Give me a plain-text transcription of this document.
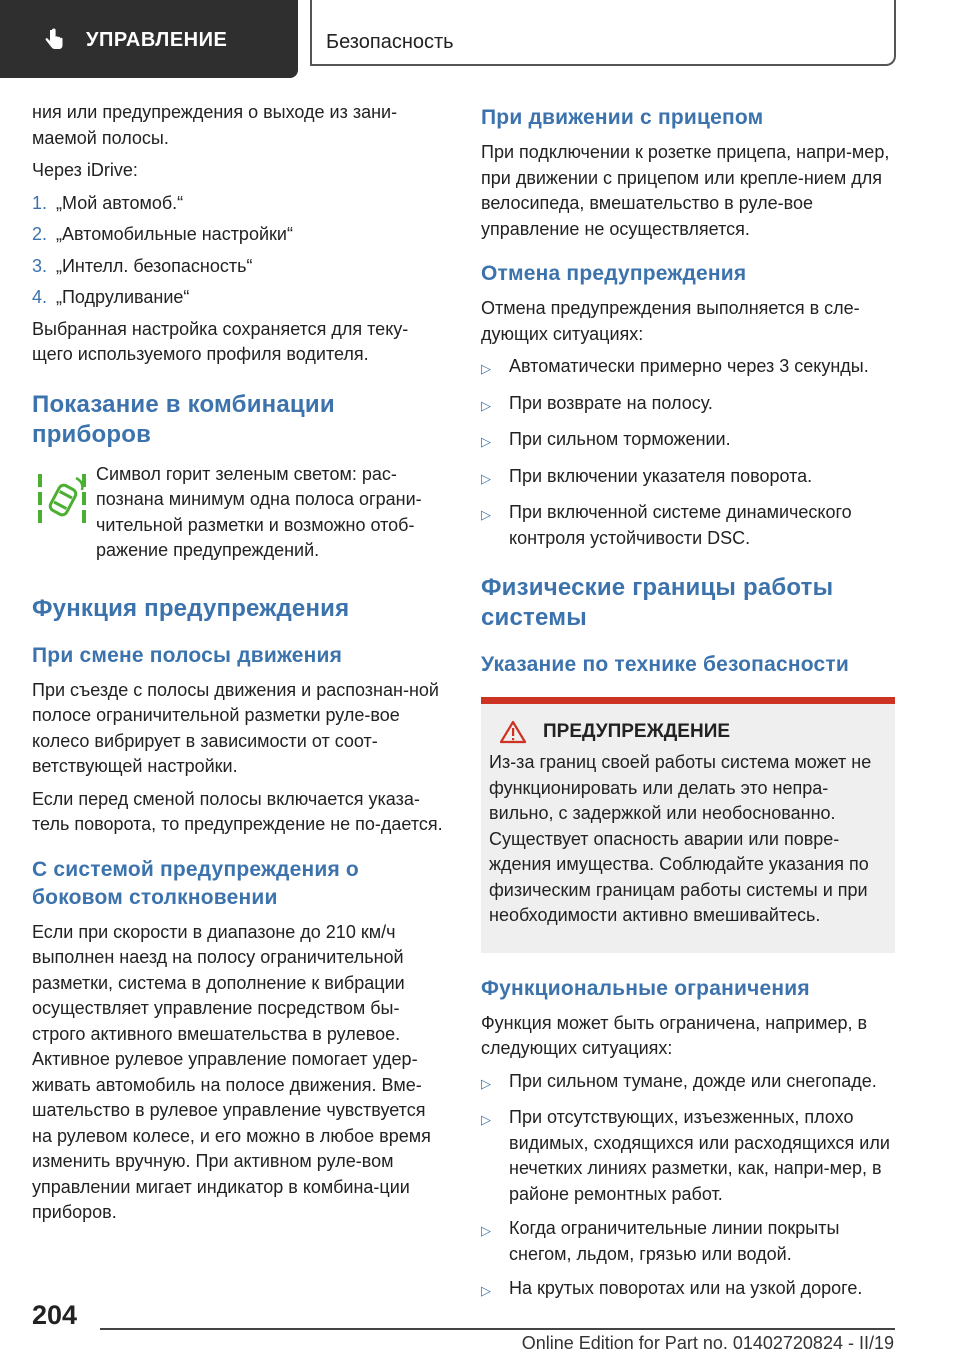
УПРАВЛЕНИЕ	Безопасность

ния или предупреждения о выходе из зани-маемой полосы.

Через iDrive:

1. „Мой автомоб.“
2. „Автомобильные настройки“
3. „Интелл. безопасность“
4. „Подруливание“

Выбранная настройка сохраняется для теку-щего используемого профиля водителя.

Показание в комбинации приборов
Символ горит зеленым светом: рас-познана минимум одна полоса ограни-чительной разметки и возможно отоб-ражение предупреждений.
Функция предупреждения
При смене полосы движения

При съезде с полосы движения и распознан-ной полосе ограничительной разметки руле-вое колесо вибрирует в зависимости от соот-ветствующей настройки.

Если перед сменой полосы включается указа-тель поворота, то предупреждение не по-дается.

С системой предупреждения о боковом столкновении

Если при скорости в диапазоне до 210 км/ч выполнен наезд на полосу ограничительной разметки, система в дополнение к вибрации осуществляет управление посредством бы-строго активного вмешательства в рулевое. Активное рулевое управление помогает удер-живать автомобиль на полосе движения. Вме-шательство в рулевое управление чувствуется на рулевом колесе, и его можно в любое время изменить вручную. При активном руле-вом управлении мигает индикатор в комбина-ции приборов.

При движении с прицепом

При подключении к розетке прицепа, напри-мер, при движении с прицепом или крепле-нием для велосипеда, вмешательство в руле-вое управление не осуществляется.

Отмена предупреждения

Отмена предупреждения выполняется в сле-дующих ситуациях:

▷	Автоматически примерно через 3 секунды.
▷	При возврате на полосу.
▷	При сильном торможении.
▷	При включении указателя поворота.
▷	При включенной системе динамического контроля устойчивости DSC.
Физические границы работы системы
Указание по технике безопасности
ПРЕДУПРЕЖДЕНИЕ
Из-за границ своей работы система может не функционировать или делать это непра-вильно, с задержкой или необоснованно. Существует опасность аварии или повре-ждения имущества. Соблюдайте указания по физическим границам работы системы и при необходимости активно вмешивайтесь.
Функциональные ограничения

Функция может быть ограничена, например, в следующих ситуациях:

▷	При сильном тумане, дожде или снегопаде.
▷	При отсутствующих, изъезженных, плохо видимых, сходящихся или расходящихся или нечетких линиях разметки, как, напри-мер, в районе ремонтных работ.
▷	Когда ограничительные линии покрыты снегом, льдом, грязью или водой.
▷	На крутых поворотах или на узкой дороге.
204
Online Edition for Part no. 01402720824 - II/19
